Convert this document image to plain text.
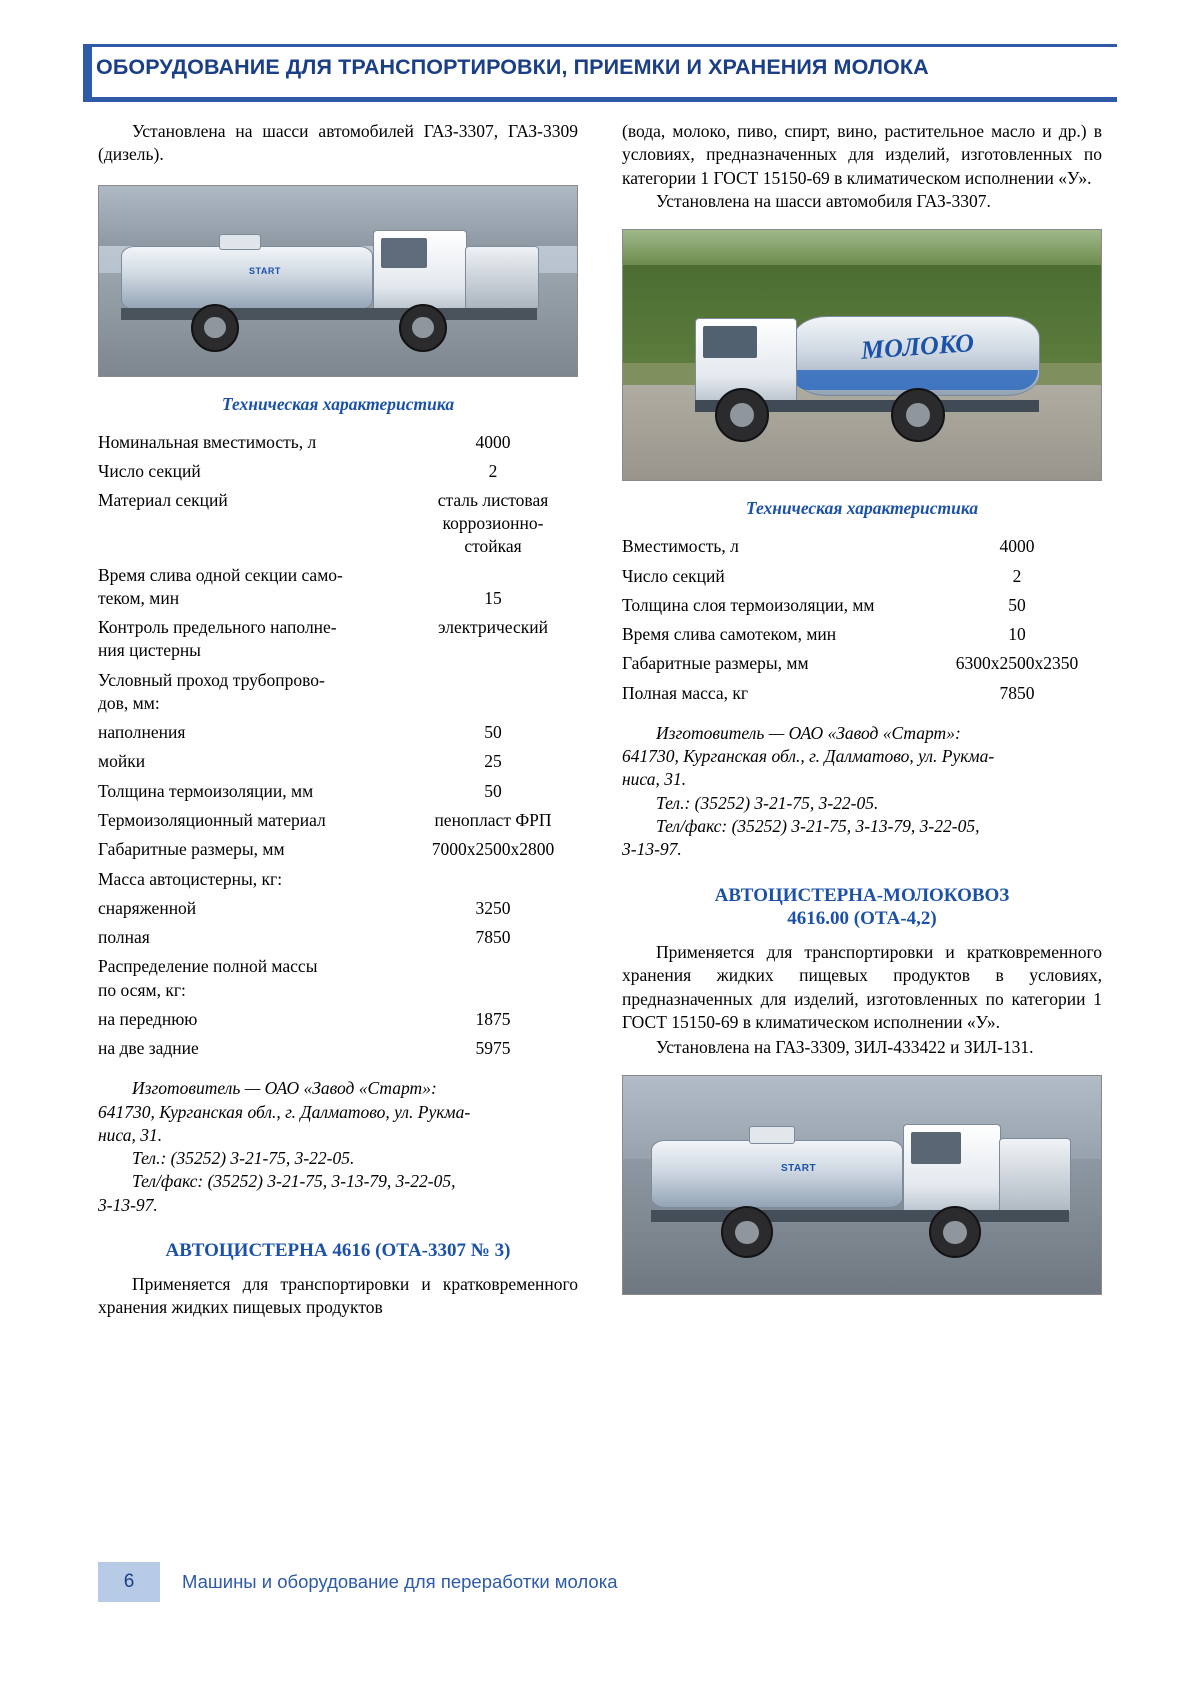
ОБОРУДОВАНИЕ ДЛЯ ТРАНСПОРТИРОВКИ, ПРИЕМКИ И ХРАНЕНИЯ МОЛОКА

Установлена на шасси автомобилей ГАЗ-3307, ГАЗ-3309 (дизель).

START
Техническая характеристика
Номинальная вместимость, л	4000
Число секций	2
Материал секций	сталь листовая
коррозионно-
стойкая
Время слива одной секции само-
теком, мин	15
Контроль предельного наполне-
ния цистерны	электрический
Условный проход трубопрово-
дов, мм:	
наполнения	50
мойки	25
Толщина термоизоляции, мм	50
Термоизоляционный материал	пенопласт ФРП
Габаритные размеры, мм	7000х2500х2800
Масса автоцистерны, кг:	
снаряженной	3250
полная	7850
Распределение полной массы
по осям, кг:	
на переднюю	1875
на две задние	5975

Изготовитель — ОАО «Завод «Старт»:

641730, Курганская обл., г. Далматово, ул. Рукма-

ниса, 31.

Тел.: (35252) 3-21-75, 3-22-05.

Тел/факс: (35252) 3-21-75, 3-13-79, 3-22-05,

3-13-97.

АВТОЦИСТЕРНА 4616 (ОТА-3307 № 3)

Применяется для транспортировки и кратковременного хранения жидких пищевых продуктов

(вода, молоко, пиво, спирт, вино, растительное масло и др.) в условиях, предназначенных для изделий, изготовленных по категории 1 ГОСТ 15150-69 в климатическом исполнении «У».

Установлена на шасси автомобиля ГАЗ-3307.

МОЛОКО
Техническая характеристика
Вместимость, л	4000
Число секций	2
Толщина слоя термоизоляции, мм	50
Время слива самотеком, мин	10
Габаритные размеры, мм	6300х2500х2350
Полная масса, кг	7850

Изготовитель — ОАО «Завод «Старт»:

641730, Курганская обл., г. Далматово, ул. Рукма-

ниса, 31.

Тел.: (35252) 3-21-75, 3-22-05.

Тел/факс: (35252) 3-21-75, 3-13-79, 3-22-05,

3-13-97.

АВТОЦИСТЕРНА-МОЛОКОВОЗ
4616.00 (ОТА-4,2)

Применяется для транспортировки и кратковременного хранения жидких пищевых продуктов в условиях, предназначенных для изделий, изготовленных по категории 1 ГОСТ 15150-69 в климатическом исполнении «У».

Установлена на ГАЗ-3309, ЗИЛ-433422 и ЗИЛ-131.

START
6	Машины и оборудование для переработки молока
